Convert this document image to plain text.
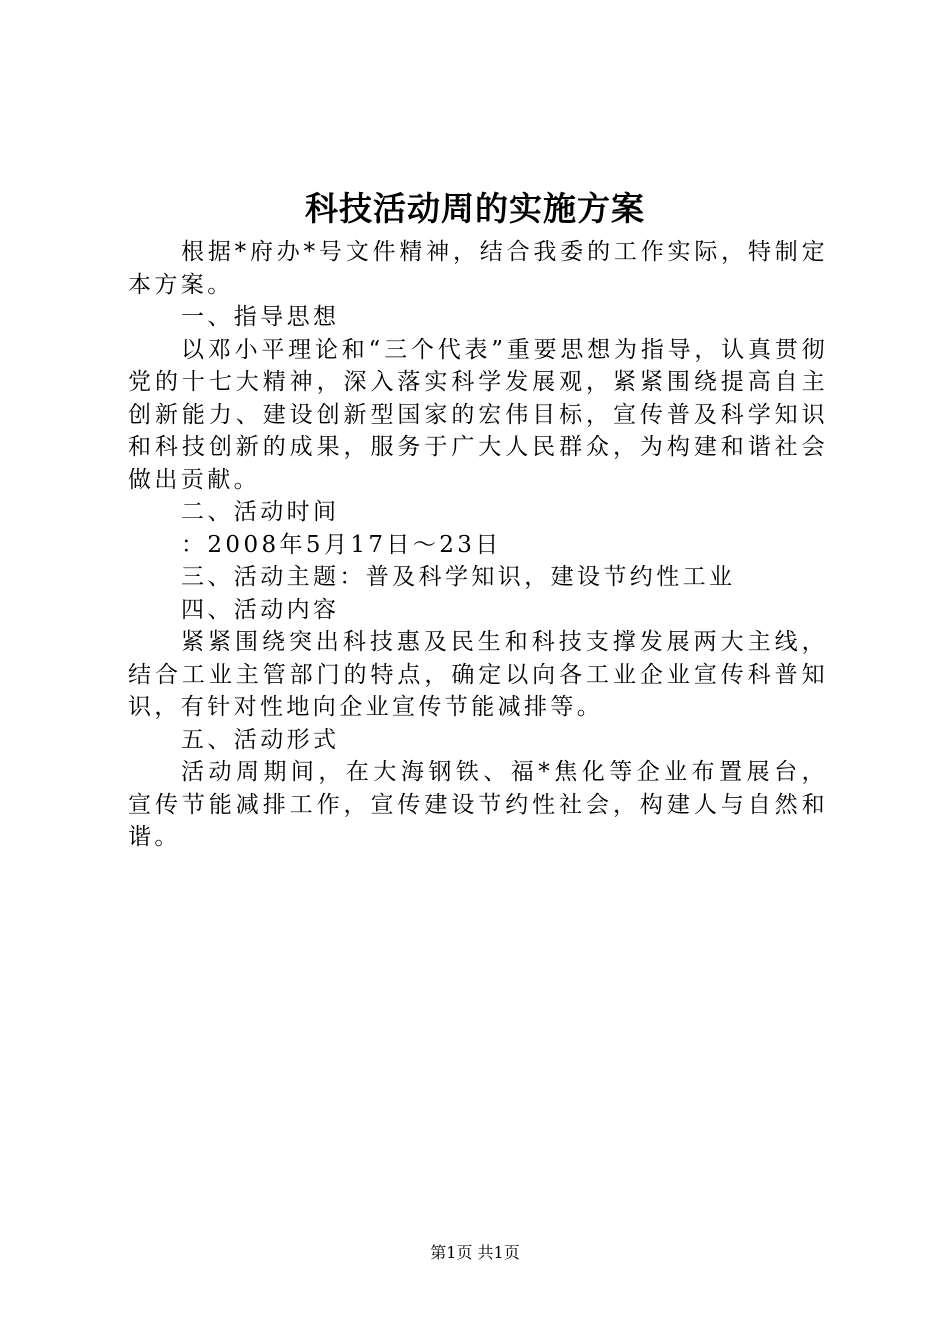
科技活动周的实施方案

根据*府办*号文件精神，结合我委的工作实际，特制定本方案。

一、指导思想

以邓小平理论和“三个代表”重要思想为指导，认真贯彻党的十七大精神，深入落实科学发展观，紧紧围绕提高自主创新能力、建设创新型国家的宏伟目标，宣传普及科学知识和科技创新的成果，服务于广大人民群众，为构建和谐社会做出贡献。

二、活动时间

：2008年5月17日～23日

三、活动主题：普及科学知识，建设节约性工业

四、活动内容

紧紧围绕突出科技惠及民生和科技支撑发展两大主线，结合工业主管部门的特点，确定以向各工业企业宣传科普知识，有针对性地向企业宣传节能减排等。

五、活动形式

活动周期间，在大海钢铁、福*焦化等企业布置展台，宣传节能减排工作，宣传建设节约性社会，构建人与自然和谐。

第1页 共1页
